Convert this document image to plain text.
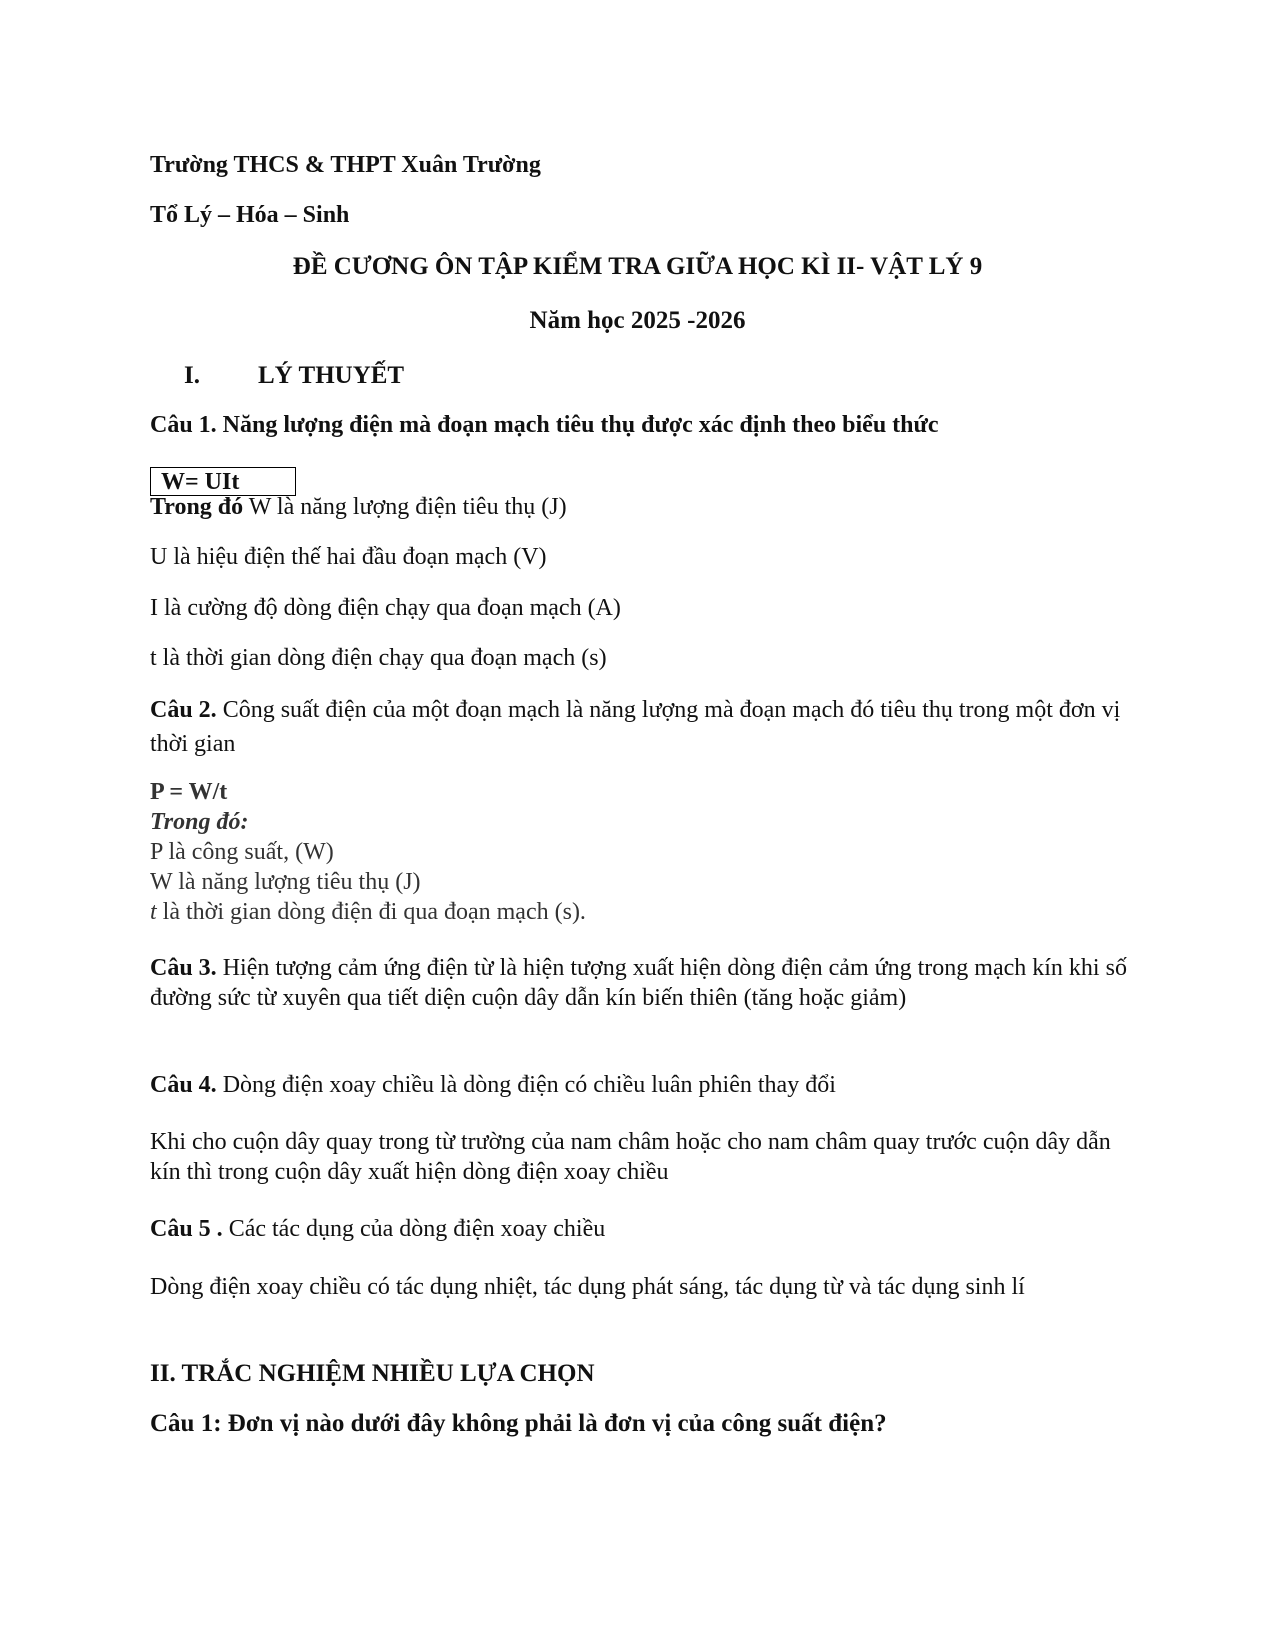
Trường THCS & THPT Xuân Trường
Tổ Lý – Hóa – Sinh
ĐỀ CƯƠNG ÔN TẬP KIỂM TRA GIỮA HỌC KÌ II- VẬT LÝ 9
Năm học 2025 -2026
I. LÝ THUYẾT
Câu 1. Năng lượng điện mà đoạn mạch tiêu thụ được xác định theo biểu thức
W= UIt
Trong đó W là năng lượng điện tiêu thụ (J)
U là hiệu điện thế hai đầu đoạn mạch (V)
I là cường độ dòng điện chạy qua đoạn mạch (A)
t là thời gian dòng điện chạy qua đoạn mạch (s)
Câu 2. Công suất điện của một đoạn mạch là năng lượng mà đoạn mạch đó tiêu thụ trong một đơn vị thời gian
P = W/t
Trong đó:
P là công suất, (W)
W là năng lượng tiêu thụ (J)
t là thời gian dòng điện đi qua đoạn mạch (s).
Câu 3. Hiện tượng cảm ứng điện từ là hiện tượng xuất hiện dòng điện cảm ứng trong mạch kín khi số đường sức từ xuyên qua tiết diện cuộn dây dẫn kín biến thiên (tăng hoặc giảm)
Câu 4. Dòng điện xoay chiều là dòng điện có chiều luân phiên thay đổi
Khi cho cuộn dây quay trong từ trường của nam châm hoặc cho nam châm quay trước cuộn dây dẫn kín thì trong cuộn dây xuất hiện dòng điện xoay chiều
Câu 5 . Các tác dụng của dòng điện xoay chiều
Dòng điện xoay chiều có tác dụng nhiệt, tác dụng phát sáng, tác dụng từ và tác dụng sinh lí
II. TRẮC NGHIỆM NHIỀU LỰA CHỌN
Câu 1: Đơn vị nào dưới đây không phải là đơn vị của công suất điện?
